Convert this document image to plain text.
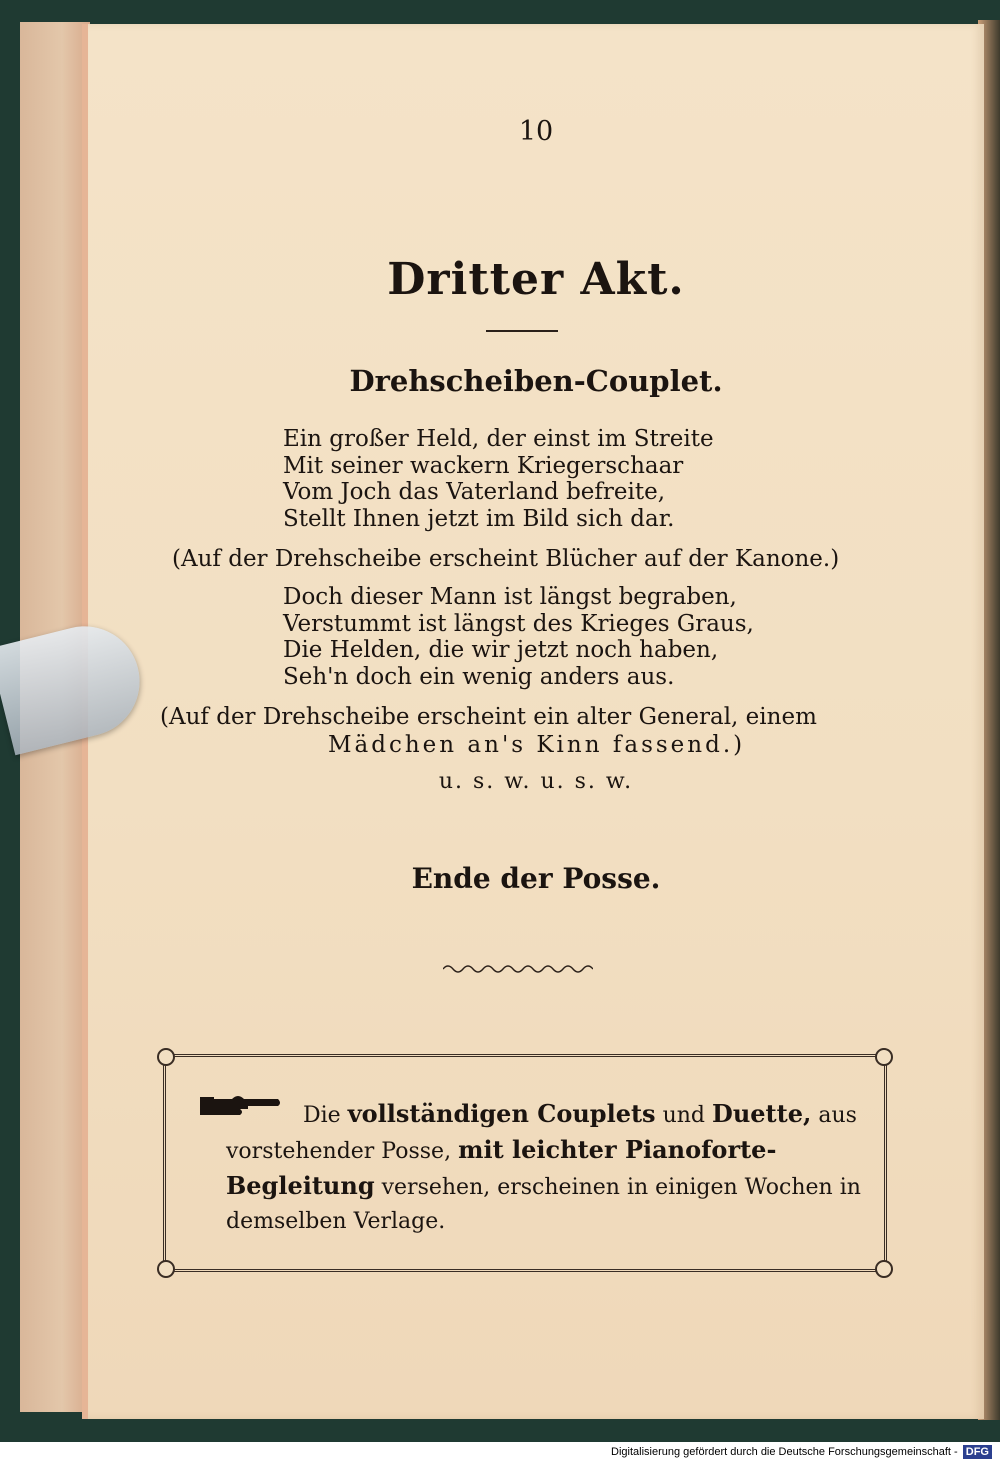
10
Dritter Akt.
Drehscheiben-Couplet.
Ein großer Held, der einst im Streite
Mit seiner wackern Kriegerschaar
Vom Joch das Vaterland befreite,
Stellt Ihnen jetzt im Bild sich dar.
(Auf der Drehscheibe erscheint Blücher auf der Kanone.)
Doch dieser Mann ist längst begraben,
Verstummt ist längst des Krieges Graus,
Die Helden, die wir jetzt noch haben,
Seh'n doch ein wenig anders aus.
(Auf der Drehscheibe erscheint ein alter General, einem
Mädchen an's Kinn fassend.)
u. s. w. u. s. w.
Ende der Posse.
Die vollständigen Couplets und Duette, aus vorstehender Posse, mit leichter Pianoforte-Begleitung versehen, erscheinen in einigen Wochen in demselben Verlage.
Digitalisierung gefördert durch die Deutsche Forschungsgemeinschaft - DFG
